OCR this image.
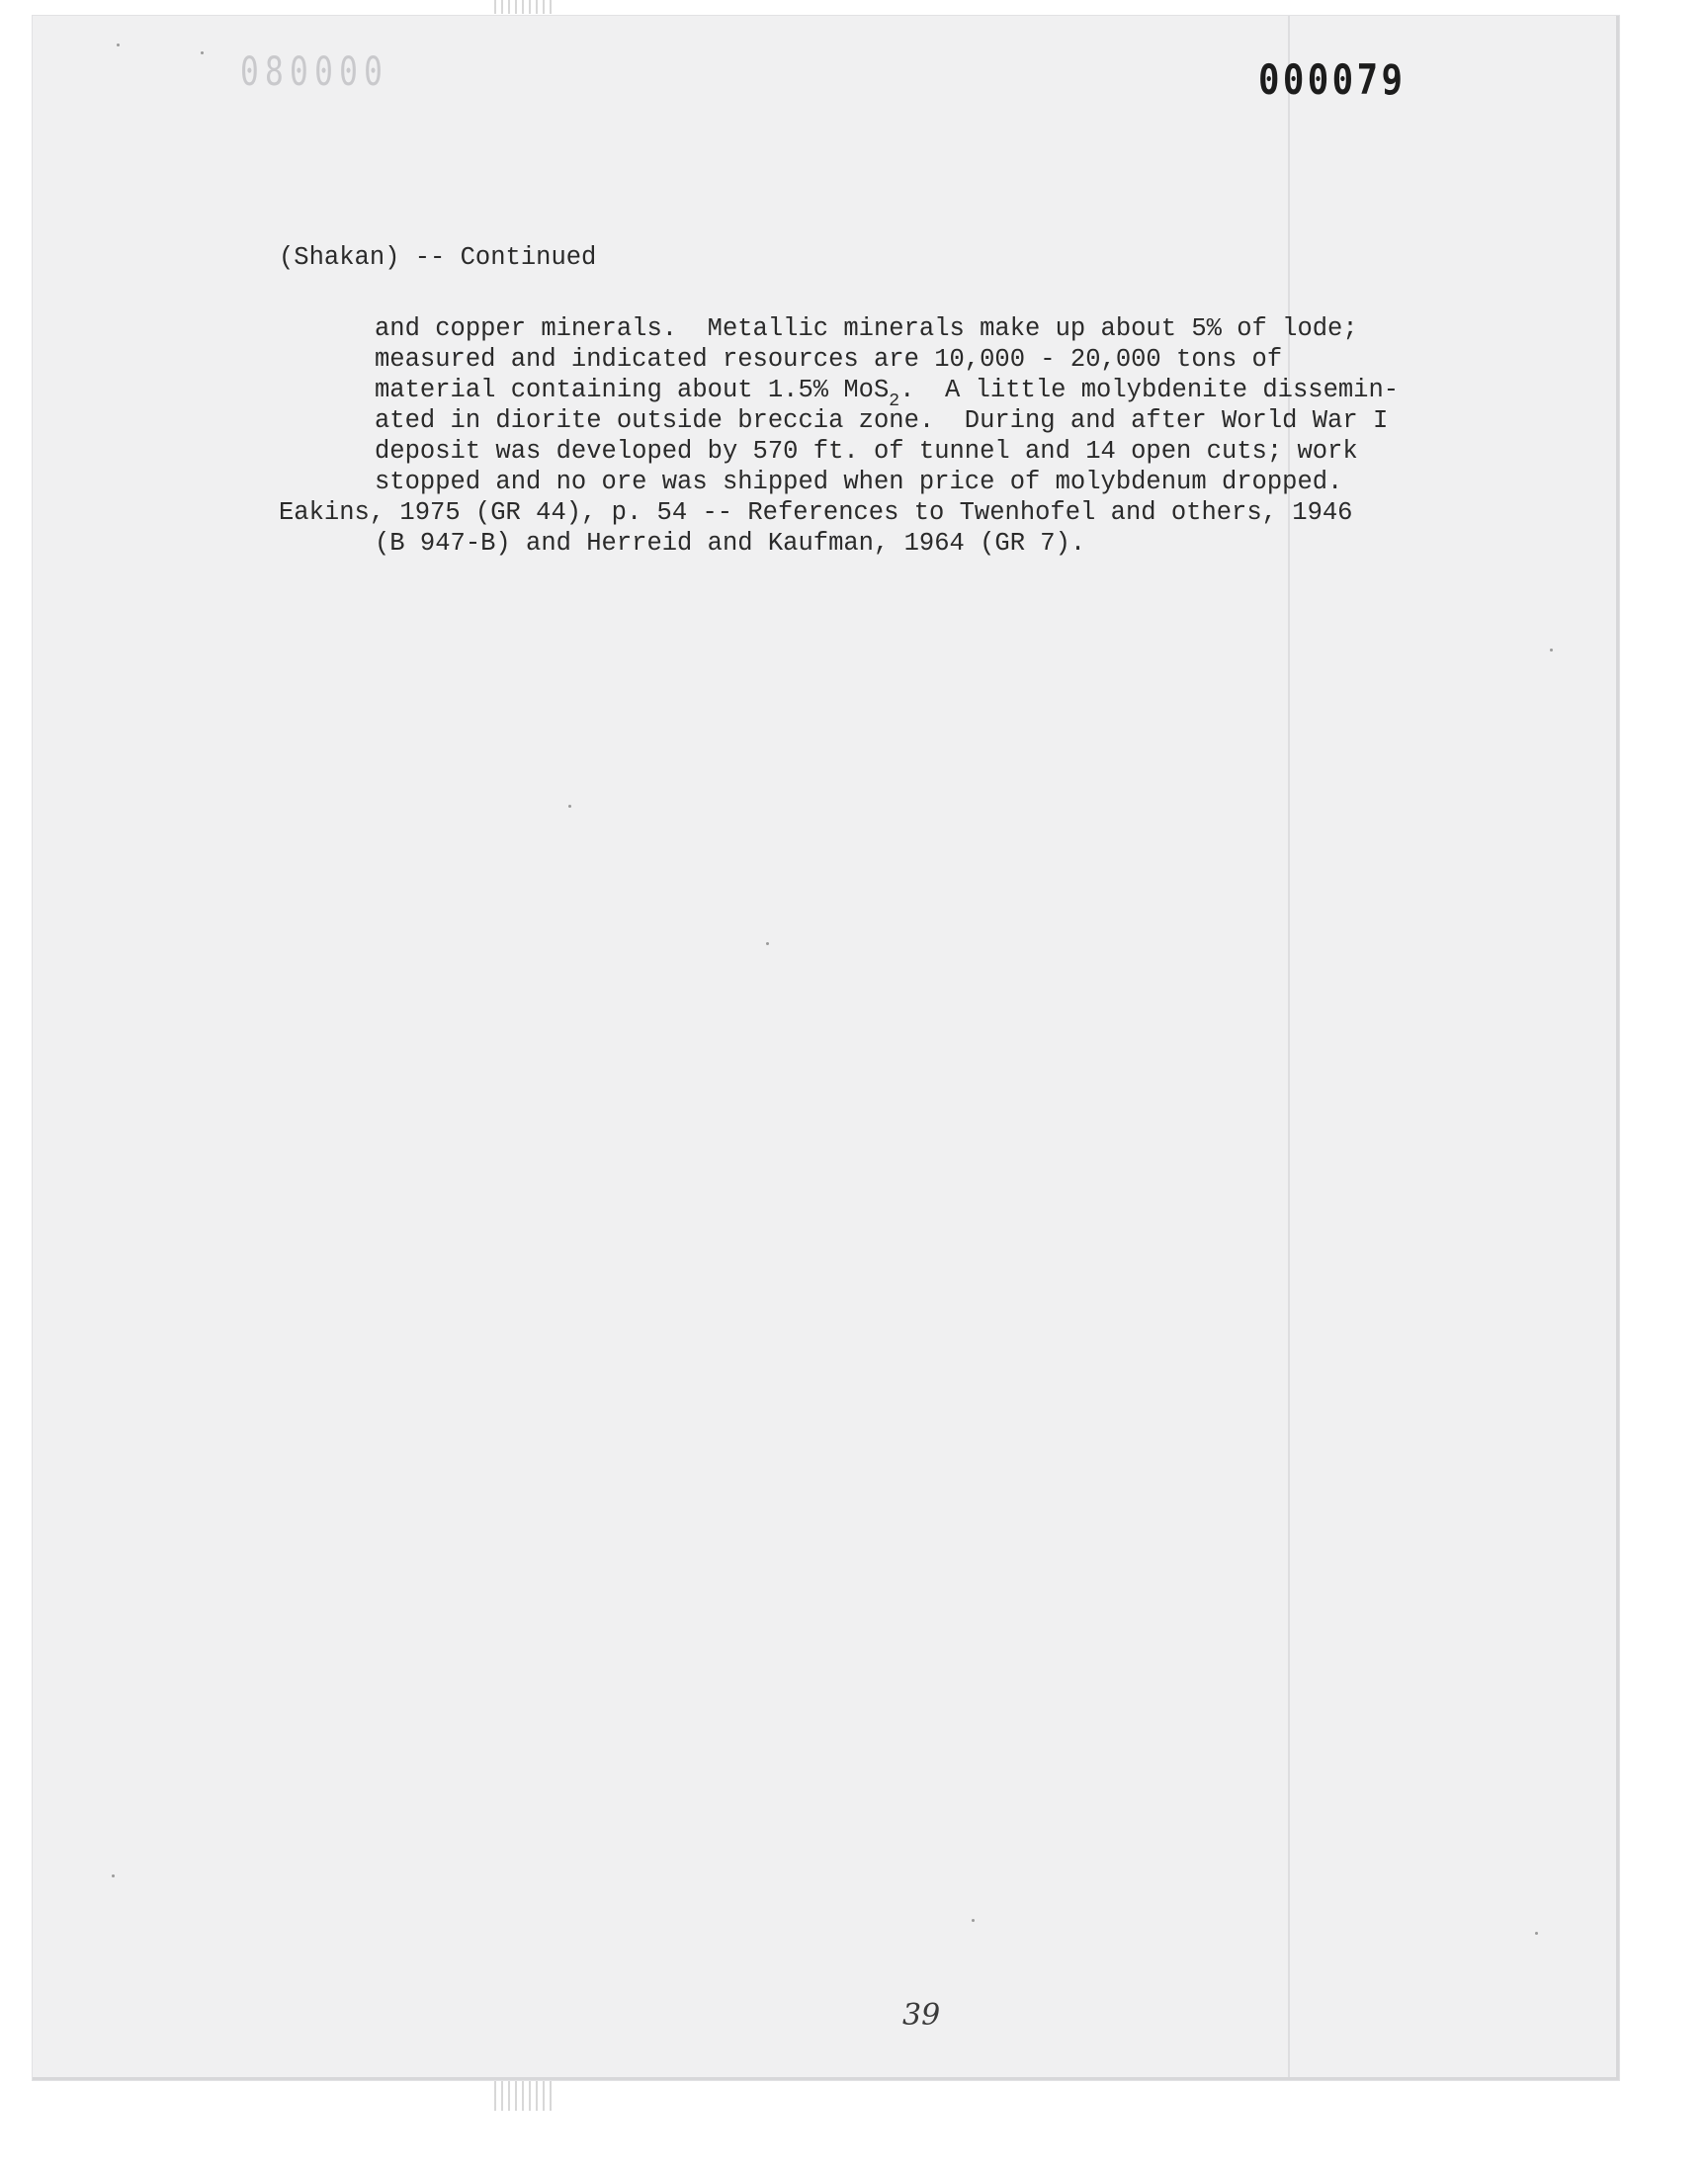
080000	000079
(Shakan) -- Continued
and copper minerals.  Metallic minerals make up about 5% of lode;
measured and indicated resources are 10,000 - 20,000 tons of
material containing about 1.5% MoS$_2$.  A little molybdenite dissemin-
ated in diorite outside breccia zone.  During and after World War I
deposit was developed by 570 ft. of tunnel and 14 open cuts; work
stopped and no ore was shipped when price of molybdenum dropped.
Eakins, 1975 (GR 44), p. 54 -- References to Twenhofel and others, 1946
(B 947-B) and Herreid and Kaufman, 1964 (GR 7).
39
